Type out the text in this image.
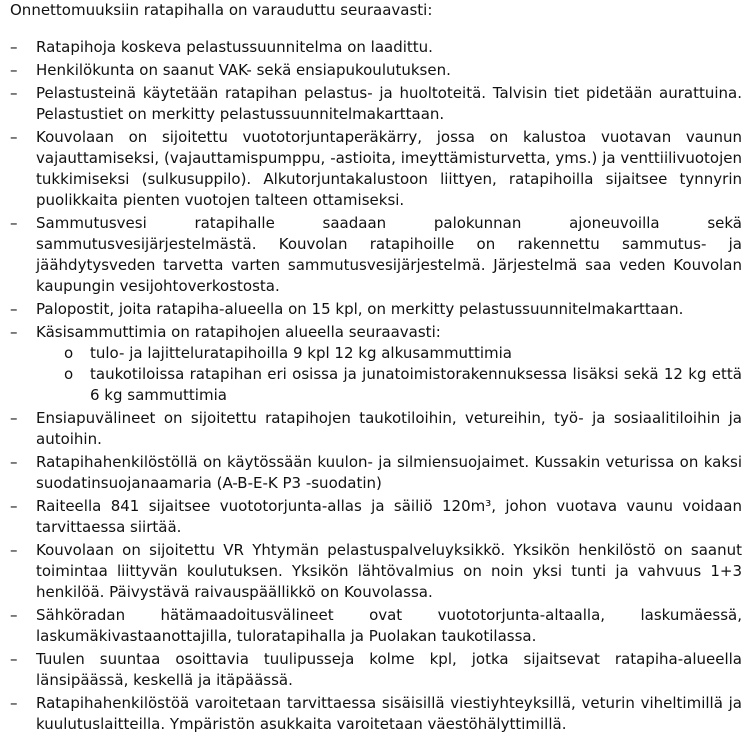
Onnettomuuksiin ratapihalla on varauduttu seuraavasti:

–	Ratapihoja koskeva pelastussuunnitelma on laadittu.
–	Henkilökunta on saanut VAK- sekä ensiapukoulutuksen.
–	Pelastusteinä käytetään ratapihan pelastus- ja huoltoteitä. Talvisin tiet pidetään aurattuina. Pelastustiet on merkitty pelastussuunnitelmakarttaan.
–	Kouvolaan on sijoitettu vuototorjuntaperäkärry, jossa on kalustoa vuotavan vaunun vajauttamiseksi, (vajauttamispumppu, -astioita, imeyttämisturvetta, yms.) ja venttiilivuotojen tukkimiseksi (sulkusuppilo). Alkutorjuntakalustoon liittyen, ratapihoilla sijaitsee tynnyrin puolikkaita pienten vuotojen talteen ottamiseksi.
–	Sammutusvesi ratapihalle saadaan palokunnan ajoneuvoilla sekä sammutusvesijärjestelmästä. Kouvolan ratapihoille on rakennettu sammutus- ja jäähdytysveden tarvetta varten sammutusvesijärjestelmä. Järjestelmä saa veden Kouvolan kaupungin vesijohtoverkostosta.
–	Palopostit, joita ratapiha-alueella on 15 kpl, on merkitty pelastussuunnitelmakarttaan.
–	Käsisammuttimia on ratapihojen alueella seuraavasti:
o	tulo- ja lajitteluratapihoilla 9 kpl 12 kg alkusammuttimia
o	taukotiloissa ratapihan eri osissa ja junatoimistorakennuksessa lisäksi sekä 12 kg että 6 kg sammuttimia
–	Ensiapuvälineet on sijoitettu ratapihojen taukotiloihin, vetureihin, työ- ja sosiaalitiloihin ja autoihin.
–	Ratapihahenkilöstöllä on käytössään kuulon- ja silmiensuojaimet. Kussakin veturissa on kaksi suodatinsuojanaamaria (A-B-E-K P3 -suodatin)
–	Raiteella 841 sijaitsee vuototorjunta-allas ja säiliö 120m³, johon vuotava vaunu voidaan tarvittaessa siirtää.
–	Kouvolaan on sijoitettu VR Yhtymän pelastuspalveluyksikkö. Yksikön henkilöstö on saanut toimintaa liittyvän koulutuksen. Yksikön lähtövalmius on noin yksi tunti ja vahvuus 1+3 henkilöä. Päivystävä raivauspäällikkö on Kouvolassa.
–	Sähköradan hätämaadoitusvälineet ovat vuototorjunta-altaalla, laskumäessä, laskumäkivastaanottajilla, tuloratapihalla ja Puolakan taukotilassa.
–	Tuulen suuntaa osoittavia tuulipusseja kolme kpl, jotka sijaitsevat ratapiha-alueella länsipäässä, keskellä ja itäpäässä.
–	Ratapihahenkilöstöä varoitetaan tarvittaessa sisäisillä viestiyhteyksillä, veturin viheltimillä ja kuulutuslaitteilla. Ympäristön asukkaita varoitetaan väestöhälyttimillä.
